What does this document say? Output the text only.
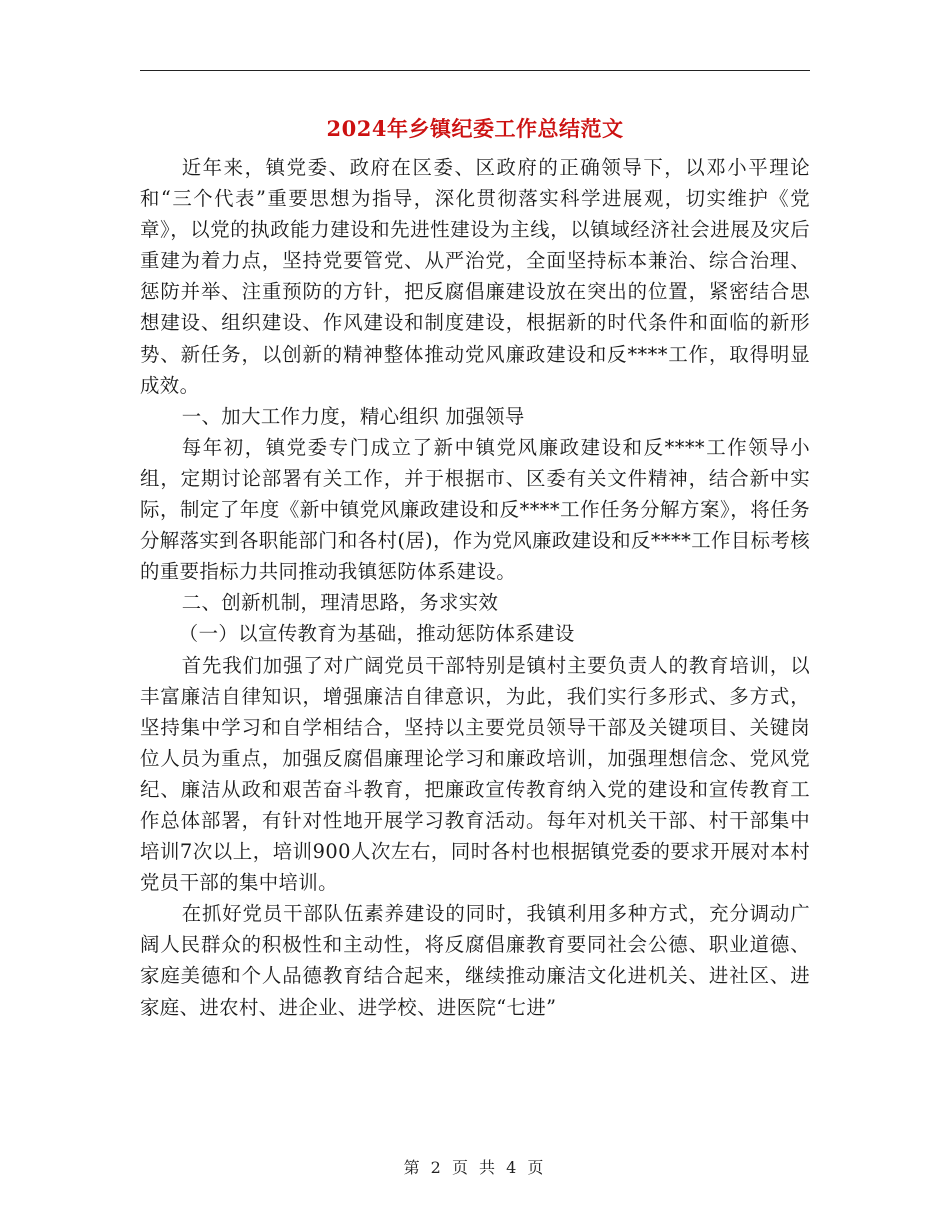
2024年乡镇纪委工作总结范文

近年来，镇党委、政府在区委、区政府的正确领导下，以邓小平理论和“三个代表”重要思想为指导，深化贯彻落实科学进展观，切实维护《党章》，以党的执政能力建设和先进性建设为主线，以镇域经济社会进展及灾后重建为着力点，坚持党要管党、从严治党，全面坚持标本兼治、综合治理、惩防并举、注重预防的方针，把反腐倡廉建设放在突出的位置，紧密结合思想建设、组织建设、作风建设和制度建设，根据新的时代条件和面临的新形势、新任务，以创新的精神整体推动党风廉政建设和反****工作，取得明显成效。

一、加大工作力度，精心组织 加强领导

每年初，镇党委专门成立了新中镇党风廉政建设和反****工作领导小组，定期讨论部署有关工作，并于根据市、区委有关文件精神，结合新中实际，制定了年度《新中镇党风廉政建设和反****工作任务分解方案》，将任务分解落实到各职能部门和各村(居)，作为党风廉政建设和反****工作目标考核的重要指标力共同推动我镇惩防体系建设。

二、创新机制，理清思路，务求实效

（一）以宣传教育为基础，推动惩防体系建设

首先我们加强了对广阔党员干部特别是镇村主要负责人的教育培训，以丰富廉洁自律知识，增强廉洁自律意识，为此，我们实行多形式、多方式，坚持集中学习和自学相结合，坚持以主要党员领导干部及关键项目、关键岗位人员为重点，加强反腐倡廉理论学习和廉政培训，加强理想信念、党风党纪、廉洁从政和艰苦奋斗教育，把廉政宣传教育纳入党的建设和宣传教育工作总体部署，有针对性地开展学习教育活动。每年对机关干部、村干部集中培训7次以上，培训900人次左右，同时各村也根据镇党委的要求开展对本村党员干部的集中培训。

在抓好党员干部队伍素养建设的同时，我镇利用多种方式，充分调动广阔人民群众的积极性和主动性，将反腐倡廉教育要同社会公德、职业道德、家庭美德和个人品德教育结合起来，继续推动廉洁文化进机关、进社区、进家庭、进农村、进企业、进学校、进医院“七进”

第 2 页 共 4 页
